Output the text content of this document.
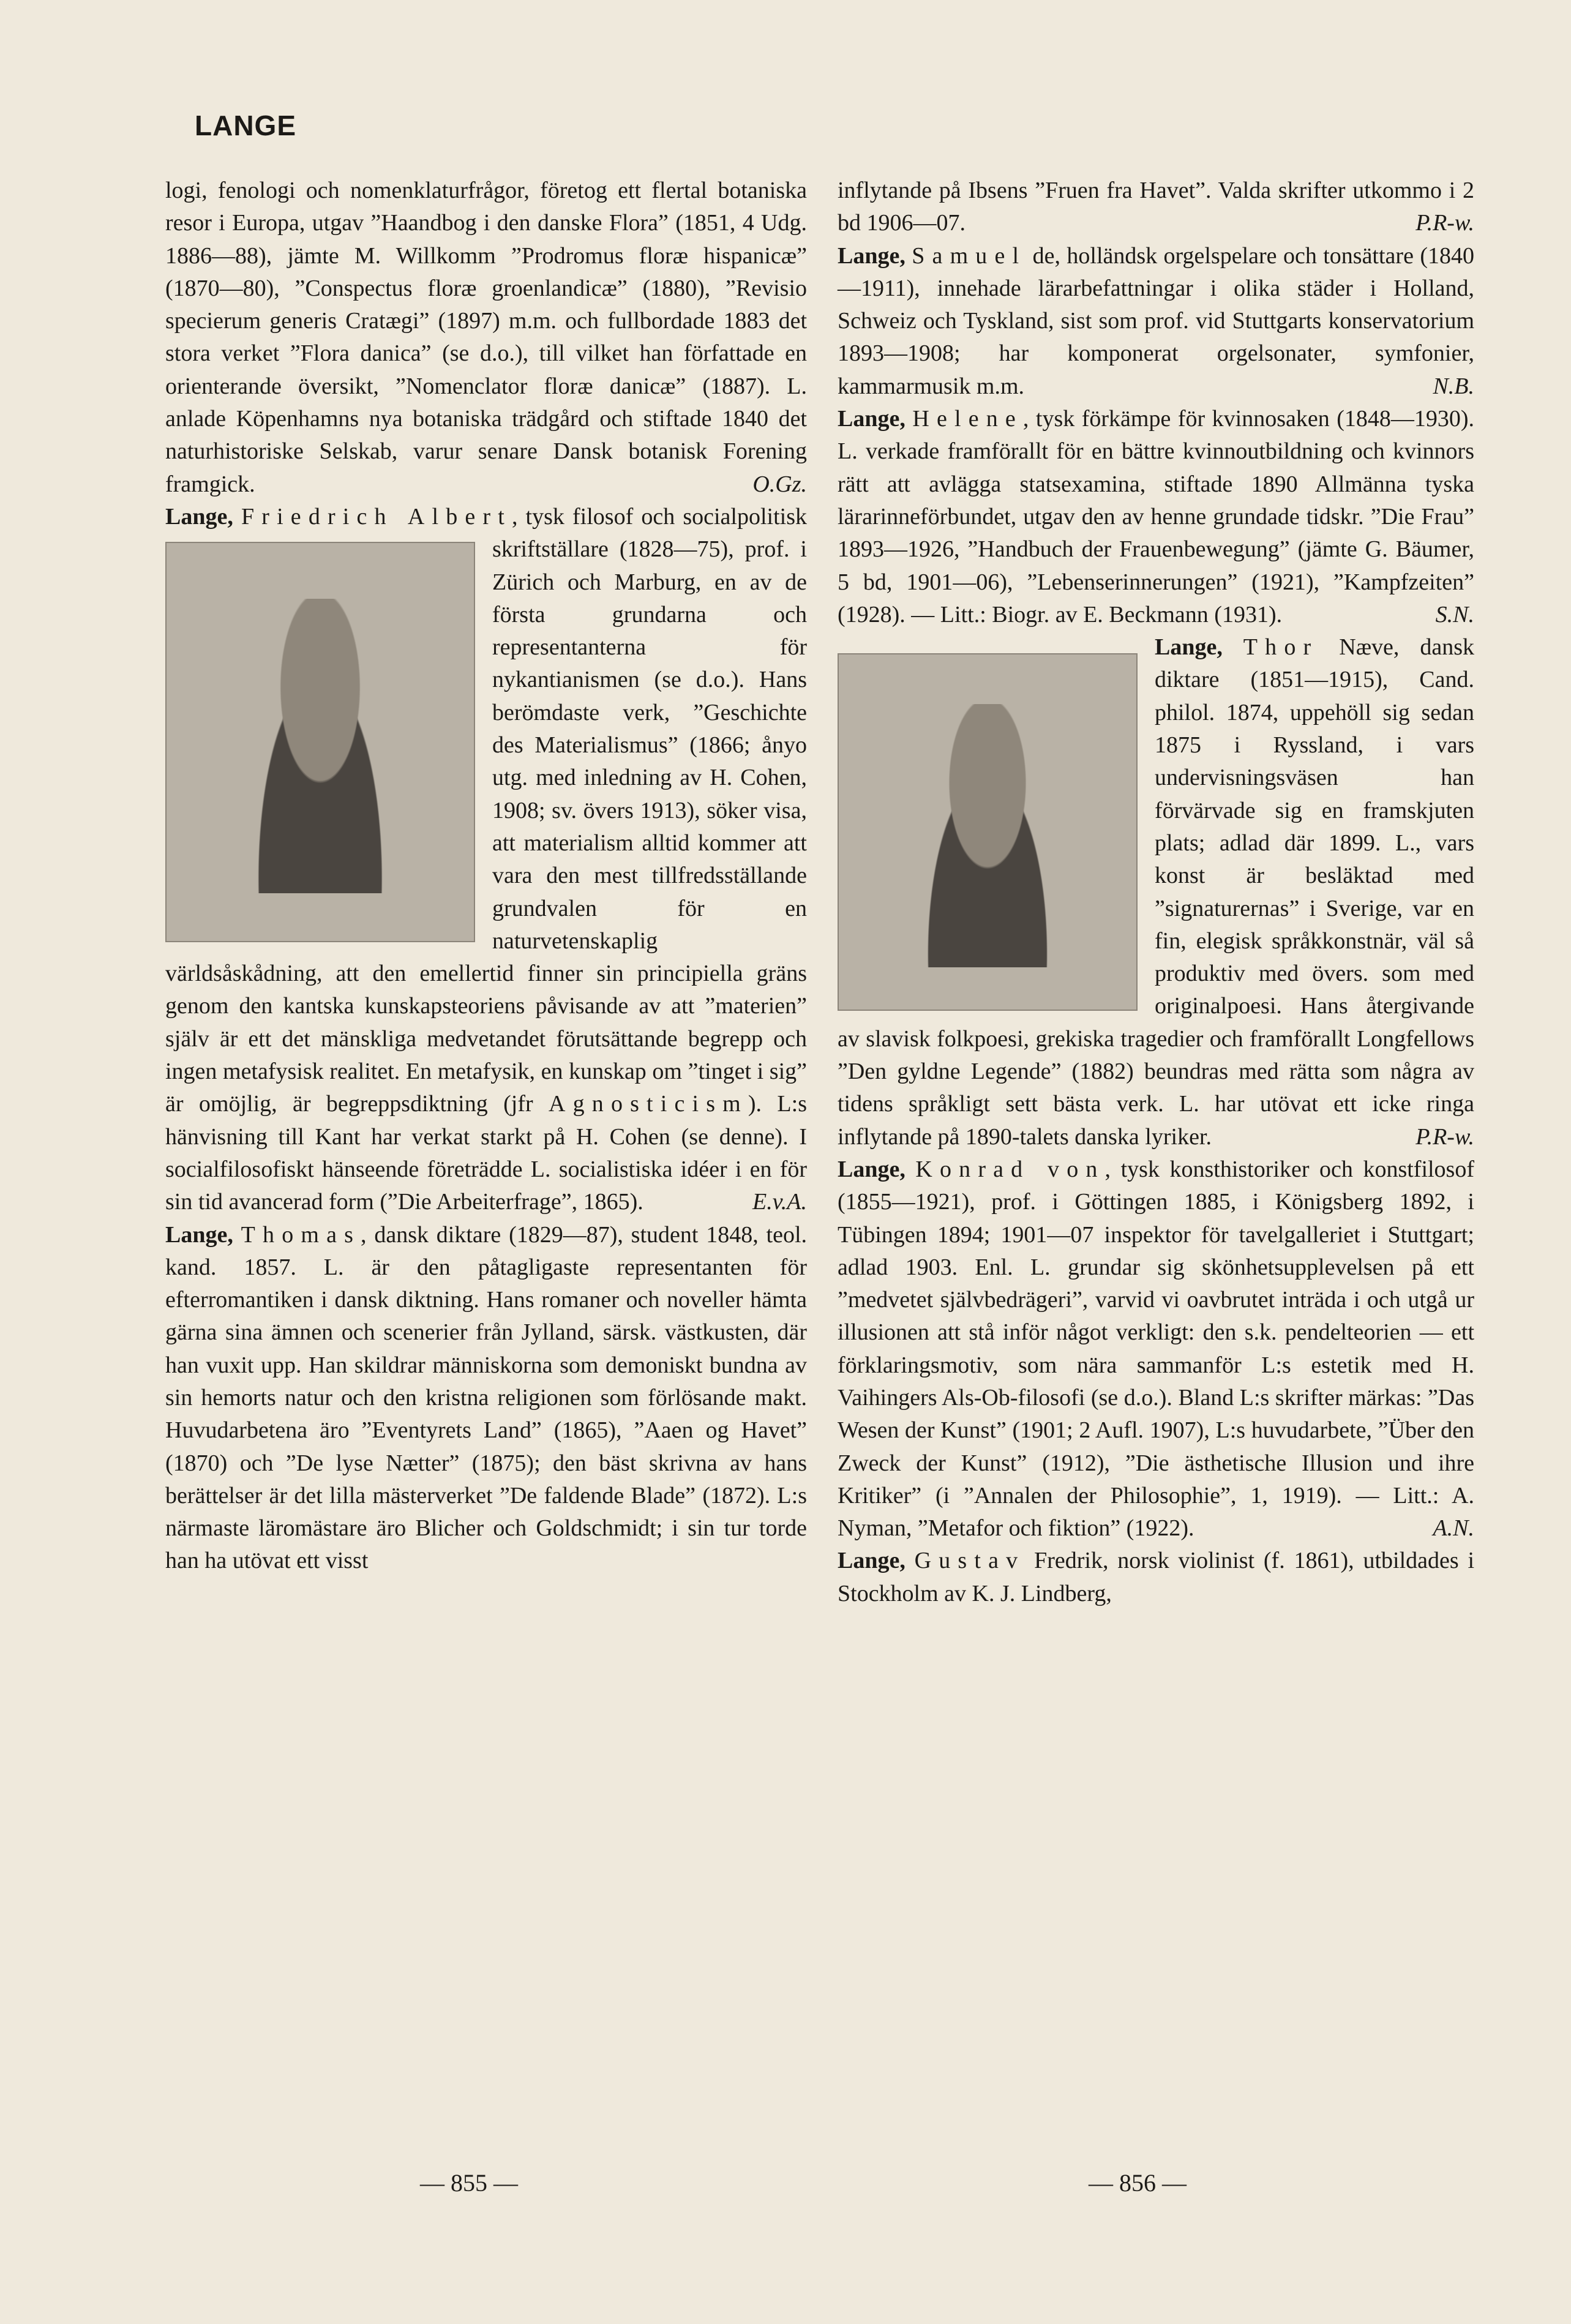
LANGE

logi, fenologi och nomenklaturfrågor, företog ett flertal botaniska resor i Europa, utgav ”Haandbog i den danske Flora” (1851, 4 Udg. 1886—88), jämte M. Willkomm ”Prodromus floræ hispanicæ” (1870—80), ”Conspectus floræ groenlandicæ” (1880), ”Revisio specierum generis Cratægi” (1897) m.m. och fullbordade 1883 det stora verket ”Flora danica” (se d.o.), till vilket han författade en orienterande översikt, ”Nomenclator floræ danicæ” (1887). L. anlade Köpenhamns nya botaniska trädgård och stiftade 1840 det naturhistoriske Selskab, varur senare Dansk botanisk Forening framgick.	O.Gz.

Lange, Friedrich Albert
, tysk filosof och socialpolitisk skriftställare (1828—75), prof. i Zürich och Marburg, en av de första grundarna och representanterna för nykantianismen (se d.o.). Hans berömdaste verk, ”Geschichte des Materialismus” (1866; ånyo utg. med inledning av H. Cohen, 1908; sv. övers 1913), söker visa, att materialism alltid kommer att vara den mest tillfredsställande grundvalen för en naturvetenskaplig världsåskådning, att den emellertid finner sin principiella gräns genom den kantska kunskapsteoriens påvisande av att ”materien” själv är ett det mänskliga medvetandet förutsättande begrepp och ingen metafysisk realitet. En metafysik, en kunskap om ”tinget i sig” är omöjlig, är begreppsdiktning (jfr Agnosticism). L:s hänvisning till Kant har verkat starkt på H. Cohen (se denne). I socialfilosofiskt hänseende företrädde L. socialistiska idéer i en för sin tid avancerad form (”Die Arbeiterfrage”, 1865).	E.v.A.

Lange, Thomas, dansk diktare (1829—87), student 1848, teol. kand. 1857. L. är den påtagligaste representanten för efterromantiken i dansk diktning. Hans romaner och noveller hämta gärna sina ämnen och scenerier från Jylland, särsk. västkusten, där han vuxit upp. Han skildrar människorna som demoniskt bundna av sin hemorts natur och den kristna religionen som förlösande makt. Huvudarbetena äro ”Eventyrets Land” (1865), ”Aaen og Havet” (1870) och ”De lyse Nætter” (1875); den bäst skrivna av hans berättelser är det lilla mästerverket ”De faldende Blade” (1872). L:s närmaste läromästare äro Blicher och Goldschmidt; i sin tur torde han ha utövat ett visst

inflytande på Ibsens ”Fruen fra Havet”. Valda skrifter utkommo i 2 bd 1906—07.	P.R-w.

Lange, Samuel de, holländsk orgelspelare och tonsättare (1840—1911), innehade lärarbefattningar i olika städer i Holland, Schweiz och Tyskland, sist som prof. vid Stuttgarts konservatorium 1893—1908; har komponerat orgelsonater, symfonier, kammarmusik m.m.	N.B.

Lange, Helene, tysk förkämpe för kvinnosaken (1848—1930). L. verkade framförallt för en bättre kvinnoutbildning och kvinnors rätt att avlägga statsexamina, stiftade 1890 Allmänna tyska lärarinneförbundet, utgav den av henne grundade tidskr. ”Die Frau” 1893—1926, ”Handbuch der Frauenbewegung” (jämte G. Bäumer, 5 bd, 1901—06), ”Lebenserinnerungen” (1921), ”Kampfzeiten” (1928). — Litt.: Biogr. av E. Beckmann (1931).	S.N.

Lange, Thor
Næve, dansk diktare (1851—1915), Cand. philol. 1874, uppehöll sig sedan 1875 i Ryssland, i vars undervisningsväsen han förvärvade sig en framskjuten plats; adlad där 1899. L., vars konst är besläktad med ”signaturernas” i Sverige, var en fin, elegisk språkkonstnär, väl så produktiv med övers. som med originalpoesi. Hans återgivande av slavisk folkpoesi, grekiska tragedier och framförallt Longfellows ”Den gyldne Legende” (1882) beundras med rätta som några av tidens språkligt sett bästa verk. L. har utövat ett icke ringa inflytande på 1890-talets danska lyriker.	P.R-w.

Lange, Konrad von, tysk konsthistoriker och konstfilosof (1855—1921), prof. i Göttingen 1885, i Königsberg 1892, i Tübingen 1894; 1901—07 inspektor för tavelgalleriet i Stuttgart; adlad 1903. Enl. L. grundar sig skönhetsupplevelsen på ett ”medvetet självbedrägeri”, varvid vi oavbrutet inträda i och utgå ur illusionen att stå inför något verkligt: den s.k. pendelteorien — ett förklaringsmotiv, som nära sammanför L:s estetik med H. Vaihingers Als-Ob-filosofi (se d.o.). Bland L:s skrifter märkas: ”Das Wesen der Kunst” (1901; 2 Aufl. 1907), L:s huvudarbete, ”Über den Zweck der Kunst” (1912), ”Die ästhetische Illusion und ihre Kritiker” (i ”Annalen der Philosophie”, 1, 1919). — Litt.: A. Nyman, ”Metafor och fiktion” (1922).	A.N.

Lange, Gustav Fredrik, norsk violinist (f. 1861), utbildades i Stockholm av K. J. Lindberg,

— 855 —	— 856 —
